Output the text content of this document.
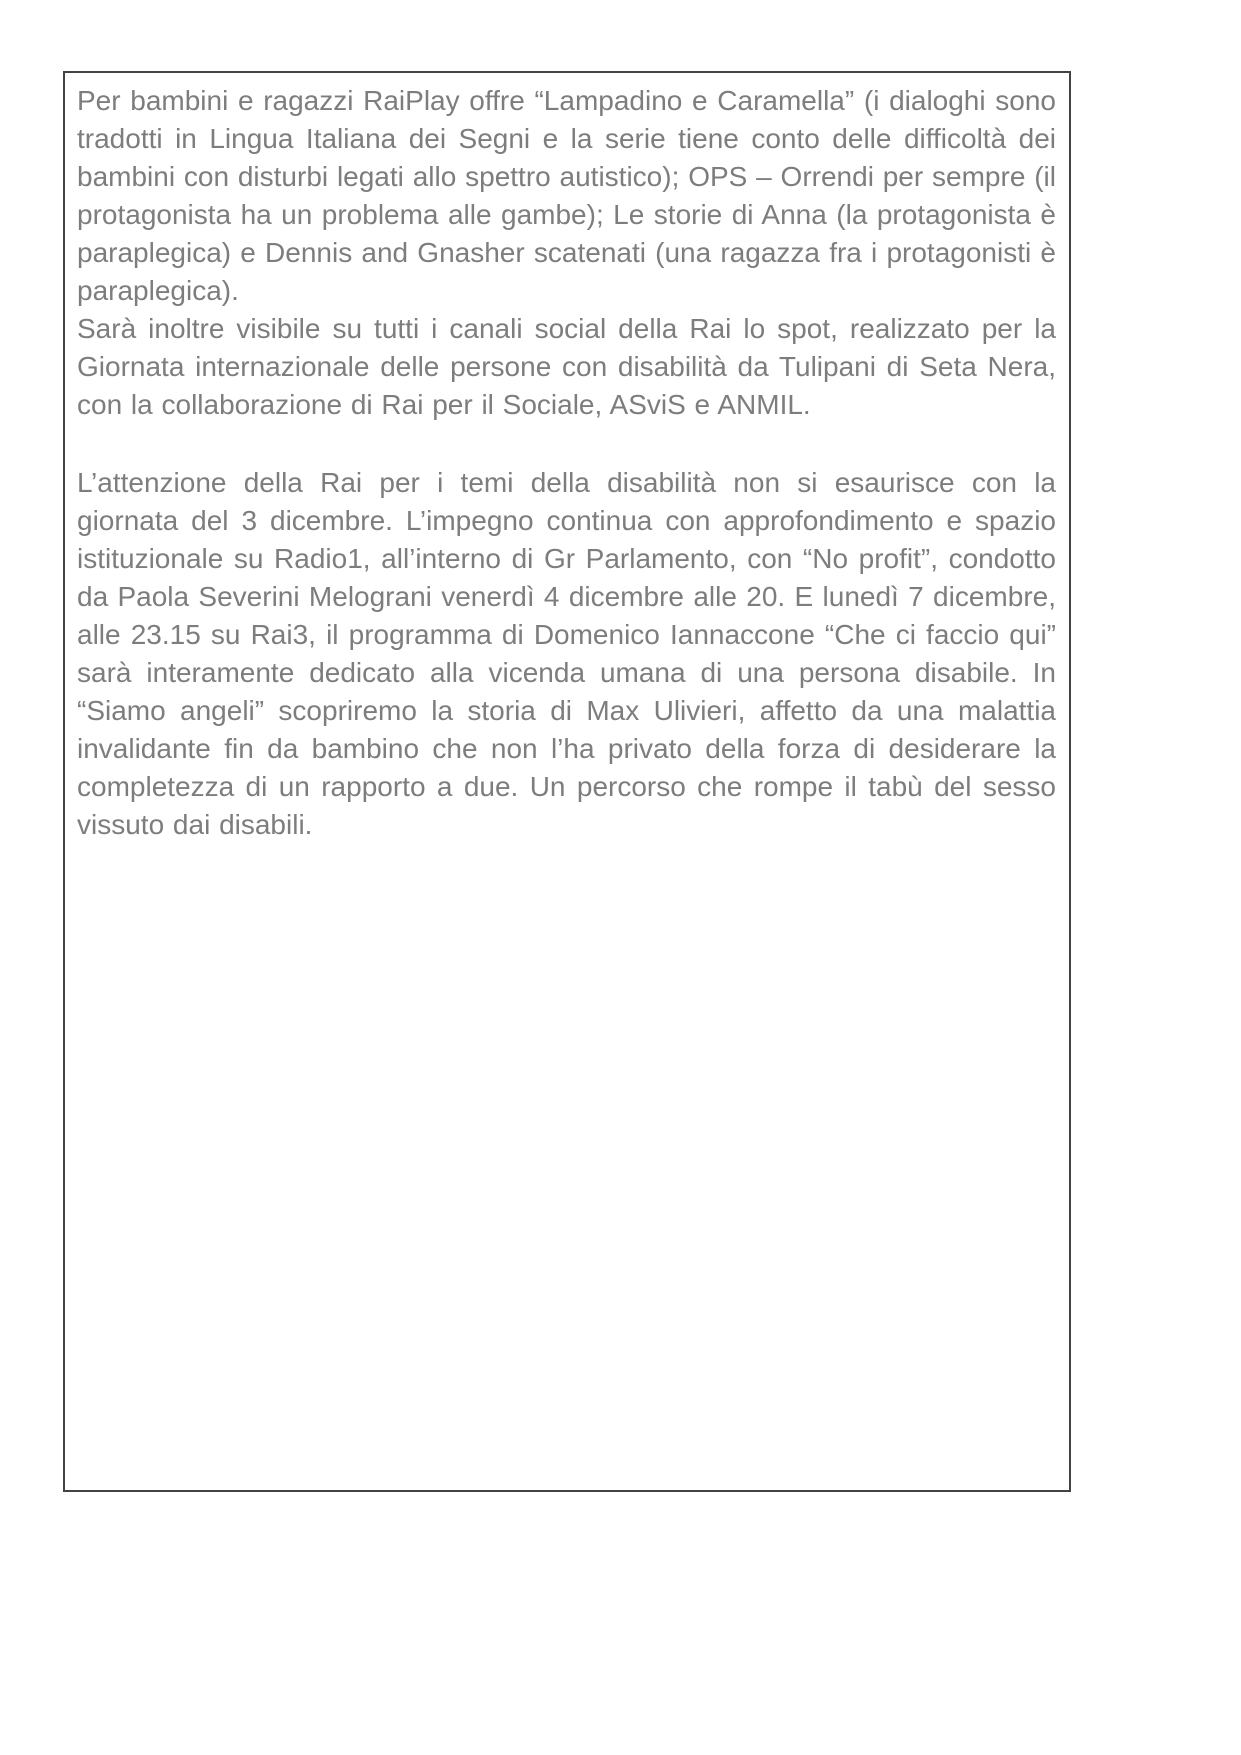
Per bambini e ragazzi RaiPlay offre “Lampadino e Caramella” (i dialoghi sono tradotti in Lingua Italiana dei Segni e la serie tiene conto delle difficoltà dei bambini con disturbi legati allo spettro autistico); OPS – Orrendi per sempre (il protagonista ha un problema alle gambe); Le storie di Anna (la protagonista è paraplegica) e Dennis and Gnasher scatenati (una ragazza fra i protagonisti è paraplegica).

Sarà inoltre visibile su tutti i canali social della Rai lo spot, realizzato per la Giornata internazionale delle persone con disabilità da Tulipani di Seta Nera, con la collaborazione di Rai per il Sociale, ASviS e ANMIL.

L’attenzione della Rai per i temi della disabilità non si esaurisce con la giornata del 3 dicembre. L’impegno continua con approfondimento e spazio istituzionale su Radio1, all’interno di Gr Parlamento, con “No profit”, condotto da Paola Severini Melograni venerdì 4 dicembre alle 20. E lunedì 7 dicembre, alle 23.15 su Rai3, il programma di Domenico Iannaccone “Che ci faccio qui” sarà interamente dedicato alla vicenda umana di una persona disabile. In “Siamo angeli” scopriremo la storia di Max Ulivieri, affetto da una malattia invalidante fin da bambino che non l’ha privato della forza di desiderare la completezza di un rapporto a due. Un percorso che rompe il tabù del sesso vissuto dai disabili.
